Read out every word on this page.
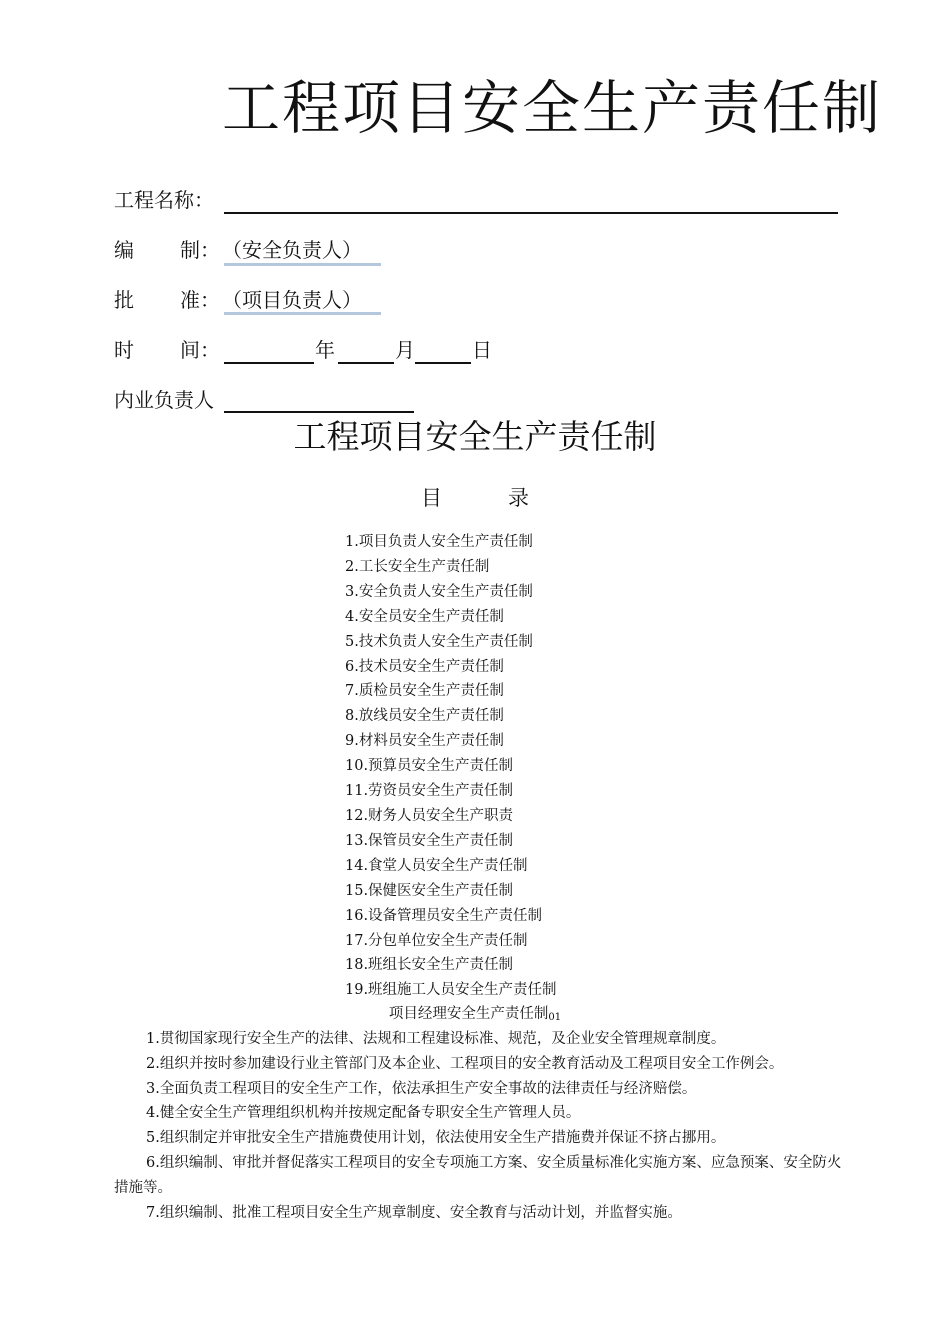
工程项目安全生产责任制
工程名称：
编 制： （安全负责人）
批 准： （项目负责人）
时 间：	年	月	日
内业负责人
工程项目安全生产责任制
目	录
1.项目负责人安全生产责任制
2.工长安全生产责任制
3.安全负责人安全生产责任制
4.安全员安全生产责任制
5.技术负责人安全生产责任制
6.技术员安全生产责任制
7.质检员安全生产责任制
8.放线员安全生产责任制
9.材料员安全生产责任制
10.预算员安全生产责任制
11.劳资员安全生产责任制
12.财务人员安全生产职责
13.保管员安全生产责任制
14.食堂人员安全生产责任制
15.保健医安全生产责任制
16.设备管理员安全生产责任制
17.分包单位安全生产责任制
18.班组长安全生产责任制
19.班组施工人员安全生产责任制
项目经理安全生产责任制$_{01}$

1.贯彻国家现行安全生产的法律、法规和工程建设标准、规范，及企业安全管理规章制度。

2.组织并按时参加建设行业主管部门及本企业、工程项目的安全教育活动及工程项目安全工作例会。

3.全面负责工程项目的安全生产工作，依法承担生产安全事故的法律责任与经济赔偿。

4.健全安全生产管理组织机构并按规定配备专职安全生产管理人员。

5.组织制定并审批安全生产措施费使用计划，依法使用安全生产措施费并保证不挤占挪用。

6.组织编制、审批并督促落实工程项目的安全专项施工方案、安全质量标准化实施方案、应急预案、安全防火措施等。

7.组织编制、批准工程项目安全生产规章制度、安全教育与活动计划，并监督实施。
